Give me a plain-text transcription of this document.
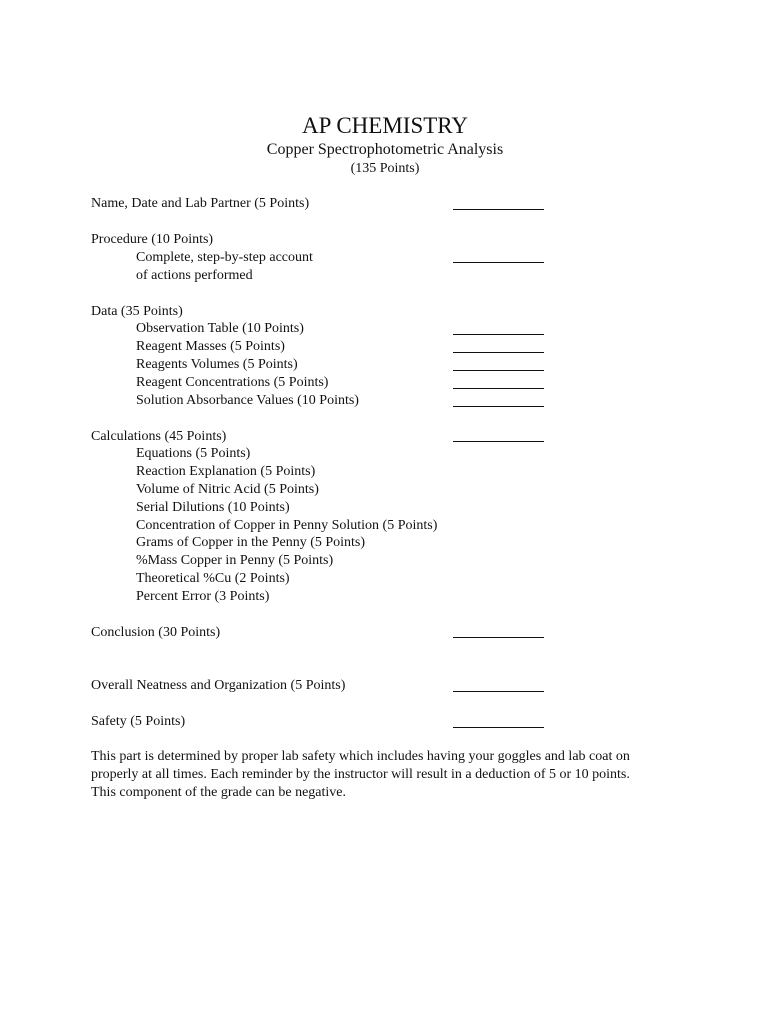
AP CHEMISTRY
Copper Spectrophotometric Analysis
(135 Points)
Name, Date and Lab Partner (5 Points)
Procedure (10 Points)
Complete, step-by-step account
of actions performed
Data (35 Points)
Observation Table (10 Points)
Reagent Masses (5 Points)
Reagents Volumes (5 Points)
Reagent Concentrations (5 Points)
Solution Absorbance Values (10 Points)
Calculations (45 Points)
Equations (5 Points)
Reaction Explanation (5 Points)
Volume of Nitric Acid (5 Points)
Serial Dilutions (10 Points)
Concentration of Copper in Penny Solution (5 Points)
Grams of Copper in the Penny (5 Points)
%Mass Copper in Penny (5 Points)
Theoretical %Cu (2 Points)
Percent Error (3 Points)
Conclusion (30 Points)
Overall Neatness and Organization (5 Points)
Safety (5 Points)
This part is determined by proper lab safety which includes having your goggles and lab coat on
properly at all times. Each reminder by the instructor will result in a deduction of 5 or 10 points.
This component of the grade can be negative.
